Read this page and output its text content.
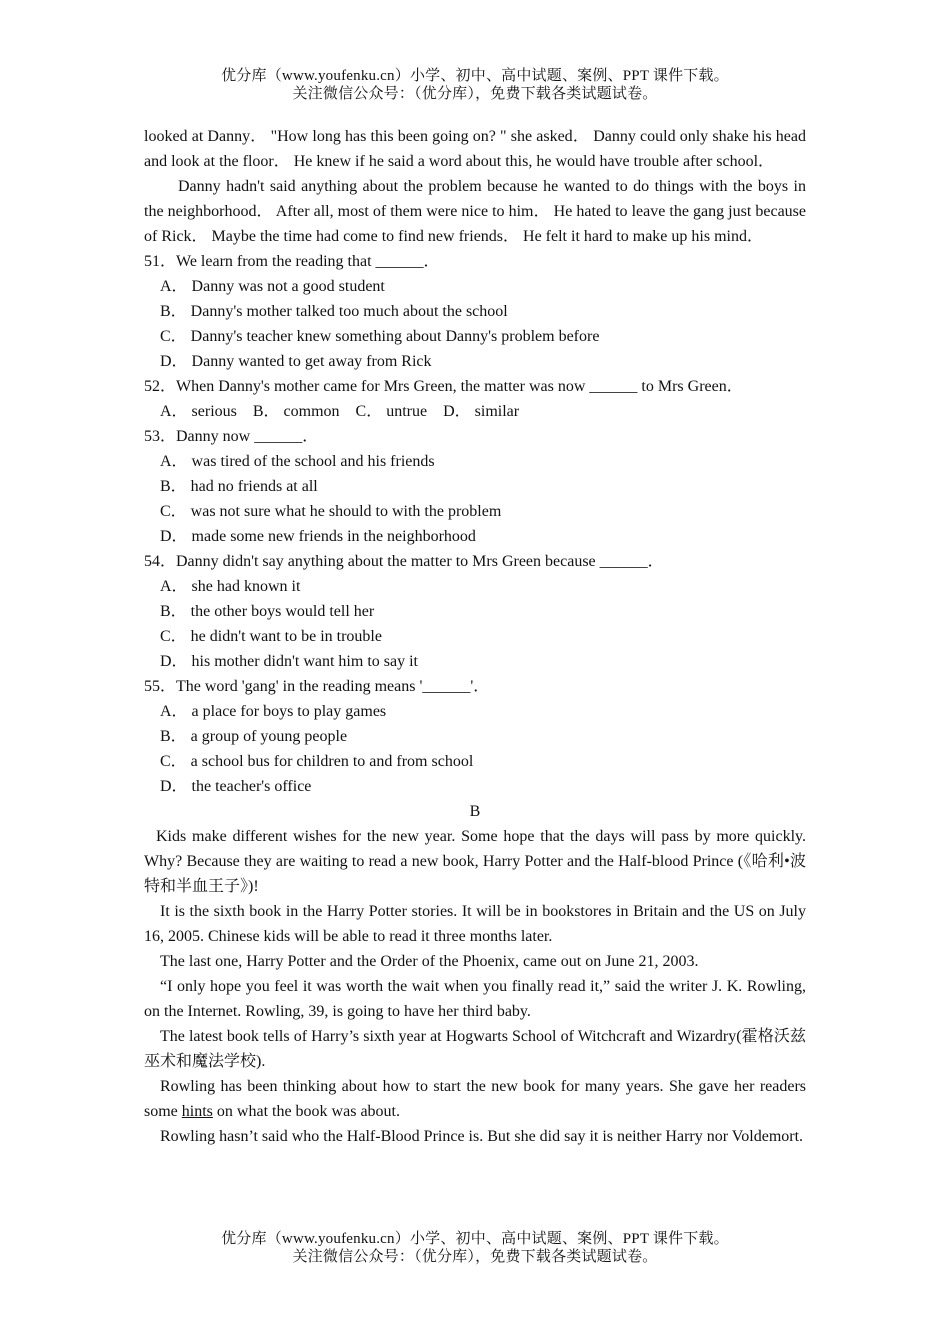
优分库（www.youfenku.cn）小学、初中、高中试题、案例、PPT 课件下载。
关注微信公众号：（优分库），免费下载各类试题试卷。

looked at Danny． "How long has this been going on? " she asked． Danny could only shake his head and look at the floor． He knew if he said a word about this, he would have trouble after school．

Danny hadn't said anything about the problem because he wanted to do things with the boys in the neighborhood． After all, most of them were nice to him． He hated to leave the gang just because of Rick． Maybe the time had come to find new friends． He felt it hard to make up his mind．

51．We learn from the reading that ______．

A． Danny was not a good student

B． Danny's mother talked too much about the school

C． Danny's teacher knew something about Danny's problem before

D． Danny wanted to get away from Rick

52．When Danny's mother came for Mrs Green, the matter was now ______ to Mrs Green．

A． serious　B． common　C． untrue　D． similar

53．Danny now ______．

A． was tired of the school and his friends

B． had no friends at all

C． was not sure what he should to with the problem

D． made some new friends in the neighborhood

54．Danny didn't say anything about the matter to Mrs Green because ______．

A． she had known it

B． the other boys would tell her

C． he didn't want to be in trouble

D． his mother didn't want him to say it

55．The word 'gang' in the reading means '______'．

A． a place for boys to play games

B． a group of young people

C． a school bus for children to and from school

D． the teacher's office

B

Kids make different wishes for the new year. Some hope that the days will pass by more quickly. Why? Because they are waiting to read a new book, Harry Potter and the Half-blood Prince (《哈利•波特和半血王子》)!

It is the sixth book in the Harry Potter stories. It will be in bookstores in Britain and the US on July 16, 2005. Chinese kids will be able to read it three months later.

The last one, Harry Potter and the Order of the Phoenix, came out on June 21, 2003.

“I only hope you feel it was worth the wait when you finally read it,” said the writer J. K. Rowling, on the Internet. Rowling, 39, is going to have her third baby.

The latest book tells of Harry’s sixth year at Hogwarts School of Witchcraft and Wizardry(霍格沃兹巫术和魔法学校).

Rowling has been thinking about how to start the new book for many years. She gave her readers some hints on what the book was about.

Rowling hasn’t said who the Half-Blood Prince is. But she did say it is neither Harry nor Voldemort.

优分库（www.youfenku.cn）小学、初中、高中试题、案例、PPT 课件下载。
关注微信公众号：（优分库），免费下载各类试题试卷。
